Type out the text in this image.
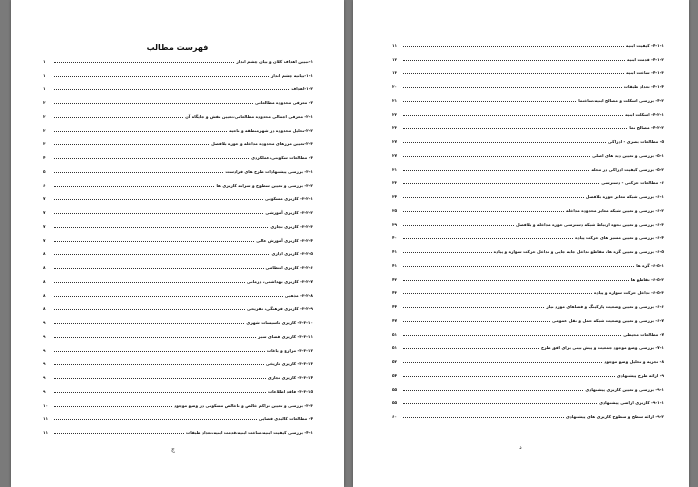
فهرست مطالب
۱-تبیین اهداف کلان و بیان چشم انداز
۱
۱-۱-بیانیه چشم انداز
۱
۱-۲-اهداف
۱
۲- معرفی محدوده مطالعاتی
۲
۲-۱- معرفی اجمالی محدوده مطالعاتی،تعیین نقش و جایگاه آن
۲
۲-۲-تحلیل محدوده در شهرمنطقه و ناحیه
۲
۲-۳-تعیین مرزهای محدوده مداخله و حوزه بلافصل
۳
۳- مطالعات سکونتی،عملکردی
۴
۳-۱- بررسی پیشنهادات طرح های فرادست
۵
۳-۲- بررسی و تعیین سطوح و سرانه کاربری ها
۶
۳-۲-۱- کاربری مسکونی
۷
۳-۲-۲- کاربری آموزشی
۷
۳-۲-۳- کاربری تجاری
۷
۳-۲-۴- کاربری آموزش عالی
۷
۳-۲-۵- کاربری اداری
۸
۳-۲-۶- کاربری انتظامی
۸
۳-۲-۷- کاربری بهداشتی، درمانی
۸
۳-۲-۸- مذهبی
۸
۳-۲-۹- کاربری فرهنگی، تفریحی
۸
۳-۲-۱۰- کاربری تاسیسات شهری
۹
۳-۲-۱۱- کاربری فضای سبز
۹
۳-۲-۱۲- مزارع و باغات
۹
۳-۲-۱۳- کاربری تاریخی
۹
۳-۲-۱۴- کاربری تجاری
۹
۳-۲-۱۵- فاقد اطلاعات
۹
۳-۳- بررسی و تعیین تراکم خالص و ناخالص مسکونی در وضع موجود
۱۰
۴- مطالعات کالبدی فضایی
۱۱
۴-۱- بررسی کیفیت ابنیه،ساخت ابنیه،قدمت ابنیه،تعداد طبقات
۱۱
ج
۴-۱-۱- کیفیت ابنیه
۱۱
۴-۱-۲- قدمت ابنیه
۱۲
۴-۱-۳- ساخت ابنیه
۱۳
۴-۱-۴- تعداد طبقات
۲۰
۴-۲- بررسی اسکلت و مصالح ابنیه،ساختما
۲۱
۴-۲-۱- اسکلت ابنیه
۲۲
۴-۲-۲- مصالح نما
۲۳
۵- مطالعات بصری - ادراکی
۲۷
۵-۱- بررسی و تعیین دید های اصلی
۲۷
۵-۲- بررسی کیفیت ادراکی در محله
۳۱
۶- مطالعات حرکتی - دسترسی
۳۳
۶-۱- بررسی شبکه معابر حوزه بلافصل
۳۴
۶-۲- بررسی و تعیین شبکه معابر محدوده مداخله
۳۵
۶-۳- بررسی و تعیین نحوه ارتباط شبکه دسترسی حوزه مداخله و بلافصل
۳۹
۶-۴- بررسی و تعیین مسیر های حرکت پیاده
۴۰
۶-۵- بررسی و تعیین گره ها، مقاطع تداخل جابه جایی و تداخل حرکت سواره و پیاده
۴۱
۶-۵-۱- گره ها
۴۱
۶-۵-۲- تقاطع ها
۴۲
۶-۵-۳- تداخل حرکت سواره و پیاده
۴۳
۶-۶- بررسی و تعیین وضعیت پارکینگ و فضاهای مورد نیاز
۴۴
۶-۷- بررسی و تعیین وضعیت شبکه حمل و نقل عمومی
۴۷
۷- مطالعات محیطی
۵۱
۷-۱- بررسی وضع موجود جمعیت و پیش بینی برای افق طرح
۵۱
۸- تجزیه و تحلیل وضع موجود
۵۲
۹- ارائه طرح پیشنهادی
۵۴
۹-۱- بررسی و تعیین کاربری پیشنهادی
۵۵
۹-۱-۱- کاربری اراضی پیشنهادی
۵۵
۹-۲- ارائه سطح و سطوح کاربری های پیشنهادی
۶۰
د
